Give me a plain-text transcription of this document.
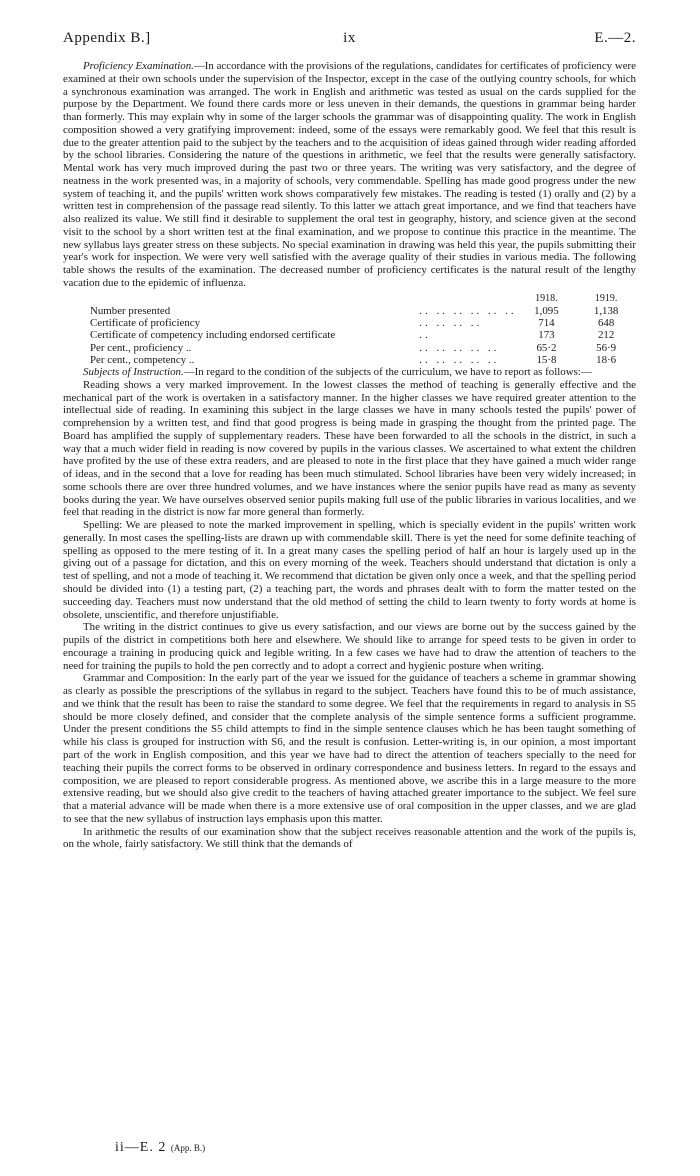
Appendix B.]	ix	E.—2.

Proficiency Examination.—In accordance with the provisions of the regulations, candidates for certificates of proficiency were examined at their own schools under the supervision of the Inspector, except in the case of the outlying country schools, for which a synchronous examination was arranged. The work in English and arithmetic was tested as usual on the cards supplied for the purpose by the Department. We found there cards more or less uneven in their demands, the questions in grammar being harder than formerly. This may explain why in some of the larger schools the grammar was of disappointing quality. The work in English composition showed a very gratifying improvement: indeed, some of the essays were remarkably good. We feel that this result is due to the greater attention paid to the subject by the teachers and to the acquisition of ideas gained through wider reading afforded by the school libraries. Considering the nature of the questions in arithmetic, we feel that the results were generally satisfactory. Mental work has very much improved during the past two or three years. The writing was very satisfactory, and the degree of neatness in the work presented was, in a majority of schools, very commendable. Spelling has made good progress under the new system of teaching it, and the pupils' written work shows comparatively few mistakes. The reading is tested (1) orally and (2) by a written test in comprehension of the passage read silently. To this latter we attach great importance, and we find that teachers have also realized its value. We still find it desirable to supplement the oral test in geography, history, and science given at the second visit to the school by a short written test at the final examination, and we propose to continue this practice in the meantime. The new syllabus lays greater stress on these subjects. No special examination in drawing was held this year, the pupils submitting their year's work for inspection. We were very well satisfied with the average quality of their studies in various media. The following table shows the results of the examination. The decreased number of proficiency certificates is the natural result of the lengthy vacation due to the epidemic of influenza.

		1918.	1919.
Number presented	.. .. .. .. .. ..	1,095	1,138
Certificate of proficiency	.. .. .. ..	714	648
Certificate of competency including endorsed certificate	..	173	212
Per cent., proficiency ..	.. .. .. .. ..	65·2	56·9
Per cent., competency ..	.. .. .. .. ..	15·8	18·6

Subjects of Instruction.—In regard to the condition of the subjects of the curriculum, we have to report as follows:—

Reading shows a very marked improvement. In the lowest classes the method of teaching is generally effective and the mechanical part of the work is overtaken in a satisfactory manner. In the higher classes we have required greater attention to the intellectual side of reading. In examining this subject in the large classes we have in many schools tested the pupils' power of comprehension by a written test, and find that good progress is being made in grasping the thought from the printed page. The Board has amplified the supply of supplementary readers. These have been forwarded to all the schools in the district, in such a way that a much wider field in reading is now covered by pupils in the various classes. We ascertained to what extent the children have profited by the use of these extra readers, and are pleased to note in the first place that they have gained a much wider range of ideas, and in the second that a love for reading has been much stimulated. School libraries have been very widely increased; in some schools there are over three hundred volumes, and we have instances where the senior pupils have read as many as seventy books during the year. We have ourselves observed senior pupils making full use of the public libraries in various localities, and we feel that reading in the district is now far more general than formerly.

Spelling: We are pleased to note the marked improvement in spelling, which is specially evident in the pupils' written work generally. In most cases the spelling-lists are drawn up with commendable skill. There is yet the need for some definite teaching of spelling as opposed to the mere testing of it. In a great many cases the spelling period of half an hour is largely used up in the giving out of a passage for dictation, and this on every morning of the week. Teachers should understand that dictation is only a test of spelling, and not a mode of teaching it. We recommend that dictation be given only once a week, and that the spelling period should be divided into (1) a testing part, (2) a teaching part, the words and phrases dealt with to form the matter tested on the succeeding day. Teachers must now understand that the old method of setting the child to learn twenty to forty words at home is obsolete, unscientific, and therefore unjustifiable.

The writing in the district continues to give us every satisfaction, and our views are borne out by the success gained by the pupils of the district in competitions both here and elsewhere. We should like to arrange for speed tests to be given in order to encourage a training in producing quick and legible writing. In a few cases we have had to draw the attention of teachers to the need for training the pupils to hold the pen correctly and to adopt a correct and hygienic posture when writing.

Grammar and Composition: In the early part of the year we issued for the guidance of teachers a scheme in grammar showing as clearly as possible the prescriptions of the syllabus in regard to the subject. Teachers have found this to be of much assistance, and we think that the result has been to raise the standard to some degree. We feel that the requirements in regard to analysis in S5 should be more closely defined, and consider that the complete analysis of the simple sentence forms a sufficient programme. Under the present conditions the S5 child attempts to find in the simple sentence clauses which he has been taught something of while his class is grouped for instruction with S6, and the result is confusion. Letter-writing is, in our opinion, a most important part of the work in English composition, and this year we have had to direct the attention of teachers specially to the need for teaching their pupils the correct forms to be observed in ordinary correspondence and business letters. In regard to the essays and composition, we are pleased to report considerable progress. As mentioned above, we ascribe this in a large measure to the more extensive reading, but we should also give credit to the teachers of having attached greater importance to the subject. We feel sure that a material advance will be made when there is a more extensive use of oral composition in the upper classes, and we are glad to see that the new syllabus of instruction lays emphasis upon this matter.

In arithmetic the results of our examination show that the subject receives reasonable attention and the work of the pupils is, on the whole, fairly satisfactory. We still think that the demands of

ii—E. 2 (App. B.)
